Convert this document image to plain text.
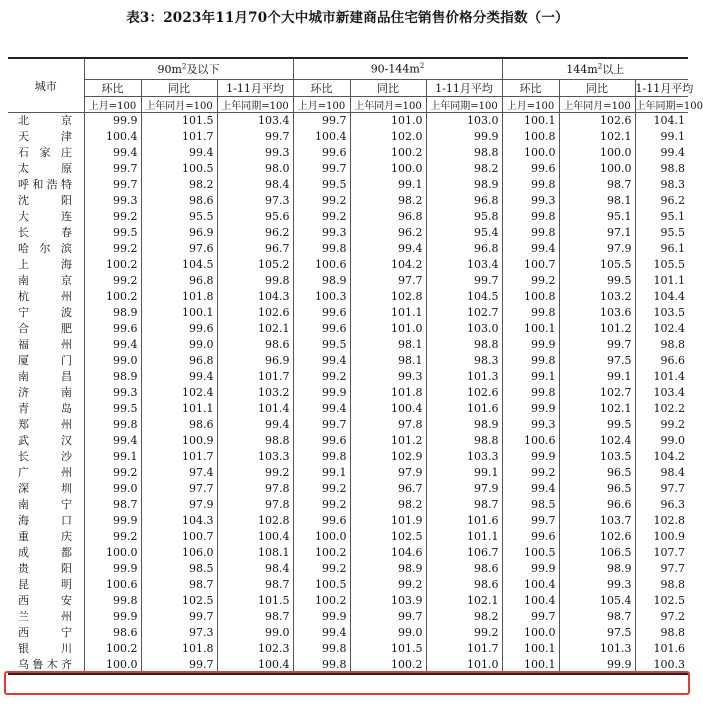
表3：2023年11月70个大中城市新建商品住宅销售价格分类指数（一）
城市	$90m^2$及以下			$90-144m^2$			$144m^2$以上		
	环比	同比	1-11月平均	环比	同比	1-11月平均	环比	同比	1-11月平均
	上月=100	上年同月=100	上年同期=100	上月=100	上年同月=100	上年同期=100	上月=100	上年同月=100	上年同期=100
北京	99.9	101.5	103.4	99.7	101.0	103.0	100.1	102.6	104.1
天津	100.4	101.7	99.7	100.4	102.0	99.9	100.8	102.1	99.1
石家庄	99.4	99.4	99.3	99.6	100.2	98.8	100.0	100.0	99.4
太原	99.7	100.5	98.0	99.7	100.0	98.2	99.6	100.0	98.8
呼和浩特	99.7	98.2	98.4	99.5	99.1	98.9	99.8	98.7	98.3
沈阳	99.3	98.6	97.3	99.2	98.2	96.8	99.3	98.1	96.2
大连	99.2	95.5	95.6	99.2	96.8	95.8	99.8	95.1	95.1
长春	99.5	96.9	96.2	99.3	96.2	95.4	99.8	97.1	95.5
哈尔滨	99.2	97.6	96.7	99.8	99.4	96.8	99.4	97.9	96.1
上海	100.2	104.5	105.2	100.6	104.2	103.4	100.7	105.5	105.5
南京	99.2	96.8	99.8	98.9	97.7	99.7	99.2	99.5	101.1
杭州	100.2	101.8	104.3	100.3	102.8	104.5	100.8	103.2	104.4
宁波	98.9	100.1	102.6	99.6	101.1	102.7	99.8	103.6	103.5
合肥	99.6	99.6	102.1	99.6	101.0	103.0	100.1	101.2	102.4
福州	99.4	99.0	98.6	99.5	98.1	98.8	99.9	99.7	98.8
厦门	99.0	96.8	96.9	99.4	98.1	98.3	99.8	97.5	96.6
南昌	98.9	99.4	101.7	99.2	99.3	101.3	99.1	99.1	101.4
济南	99.3	102.4	103.2	99.9	101.8	102.6	99.8	102.7	103.4
青岛	99.5	101.1	101.4	99.4	100.4	101.6	99.9	102.1	102.2
郑州	99.8	98.6	99.4	99.7	97.8	98.9	99.3	99.5	99.2
武汉	99.4	100.9	98.8	99.6	101.2	98.8	100.6	102.4	99.0
长沙	99.1	101.7	103.3	99.8	102.9	103.3	99.9	103.5	104.2
广州	99.2	97.4	99.2	99.1	97.9	99.1	99.2	96.5	98.4
深圳	99.0	97.7	97.8	99.2	96.7	97.9	99.4	96.5	97.7
南宁	98.7	97.9	97.8	99.2	98.2	98.7	98.5	96.6	96.3
海口	99.9	104.3	102.8	99.6	101.9	101.6	99.7	103.7	102.8
重庆	99.2	100.7	100.4	100.0	102.5	101.1	99.6	102.6	100.9
成都	100.0	106.0	108.1	100.2	104.6	106.7	100.5	106.5	107.7
贵阳	99.9	98.5	98.4	99.2	98.9	98.6	99.9	98.9	97.7
昆明	100.6	98.7	98.7	100.5	99.2	98.6	100.4	99.3	98.8
西安	99.8	102.5	101.5	100.2	103.9	102.1	100.4	105.4	102.5
兰州	99.9	99.7	98.7	99.9	99.7	98.2	99.7	98.7	97.2
西宁	98.6	97.3	99.0	99.4	99.0	99.2	100.0	97.5	98.8
银川	100.2	101.8	102.3	99.8	101.5	101.7	100.1	101.3	101.6
乌鲁木齐	100.0	99.7	100.4	99.8	100.2	101.0	100.1	99.9	100.3
